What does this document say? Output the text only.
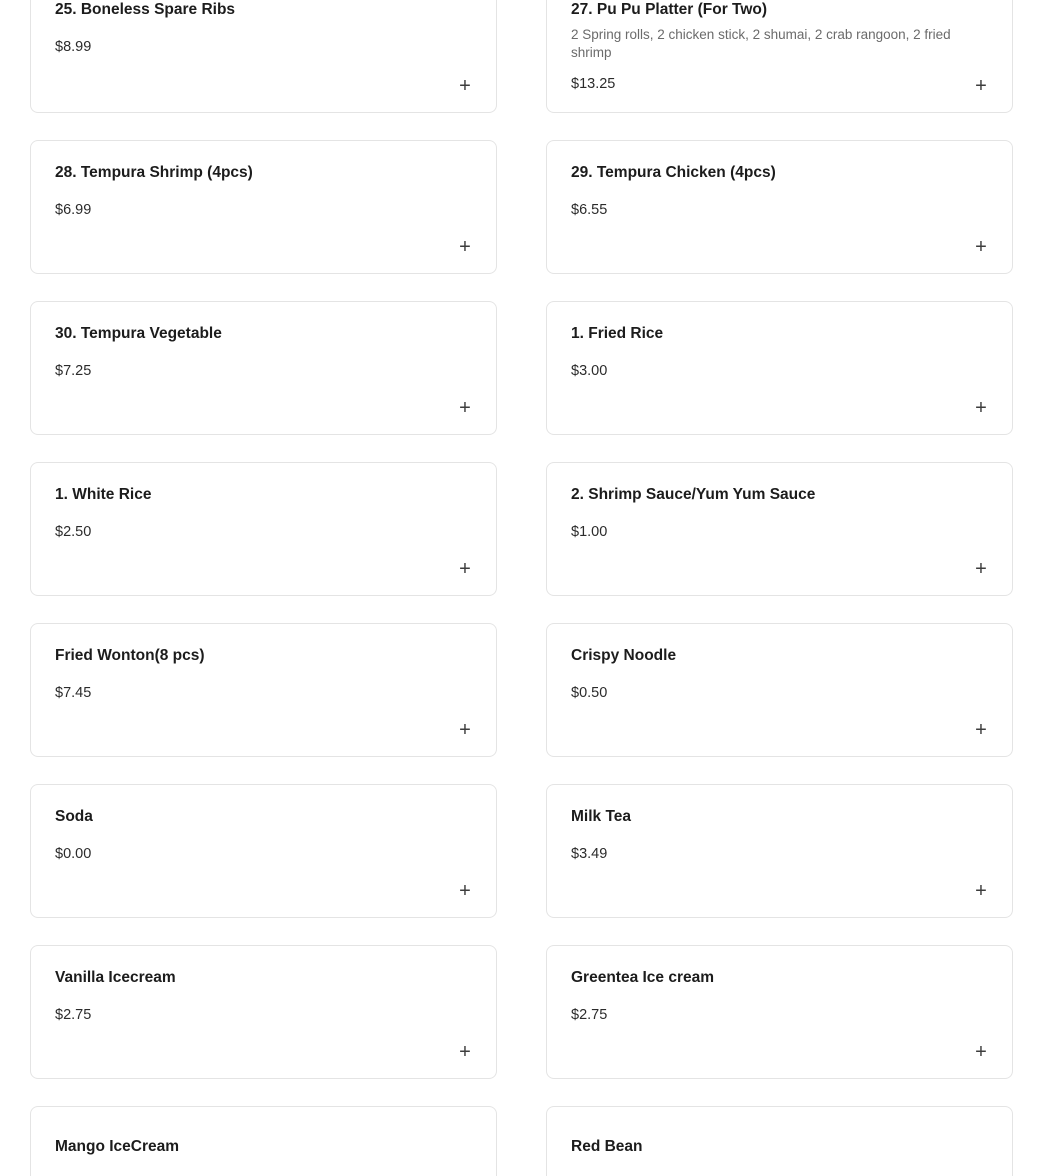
25. Boneless Spare Ribs
$8.99
+
27. Pu Pu Platter (For Two)
2 Spring rolls, 2 chicken stick, 2 shumai, 2 crab rangoon, 2 fried shrimp
$13.25	+
28. Tempura Shrimp (4pcs)
$6.99
+
29. Tempura Chicken (4pcs)
$6.55
+
30. Tempura Vegetable
$7.25
+
1. Fried Rice
$3.00
+
1. White Rice
$2.50
+
2. Shrimp Sauce/Yum Yum Sauce
$1.00
+
Fried Wonton(8 pcs)
$7.45
+
Crispy Noodle
$0.50
+
Soda
$0.00
+
Milk Tea
$3.49
+
Vanilla Icecream
$2.75
+
Greentea Ice cream
$2.75
+
Mango IceCream	Red Bean
